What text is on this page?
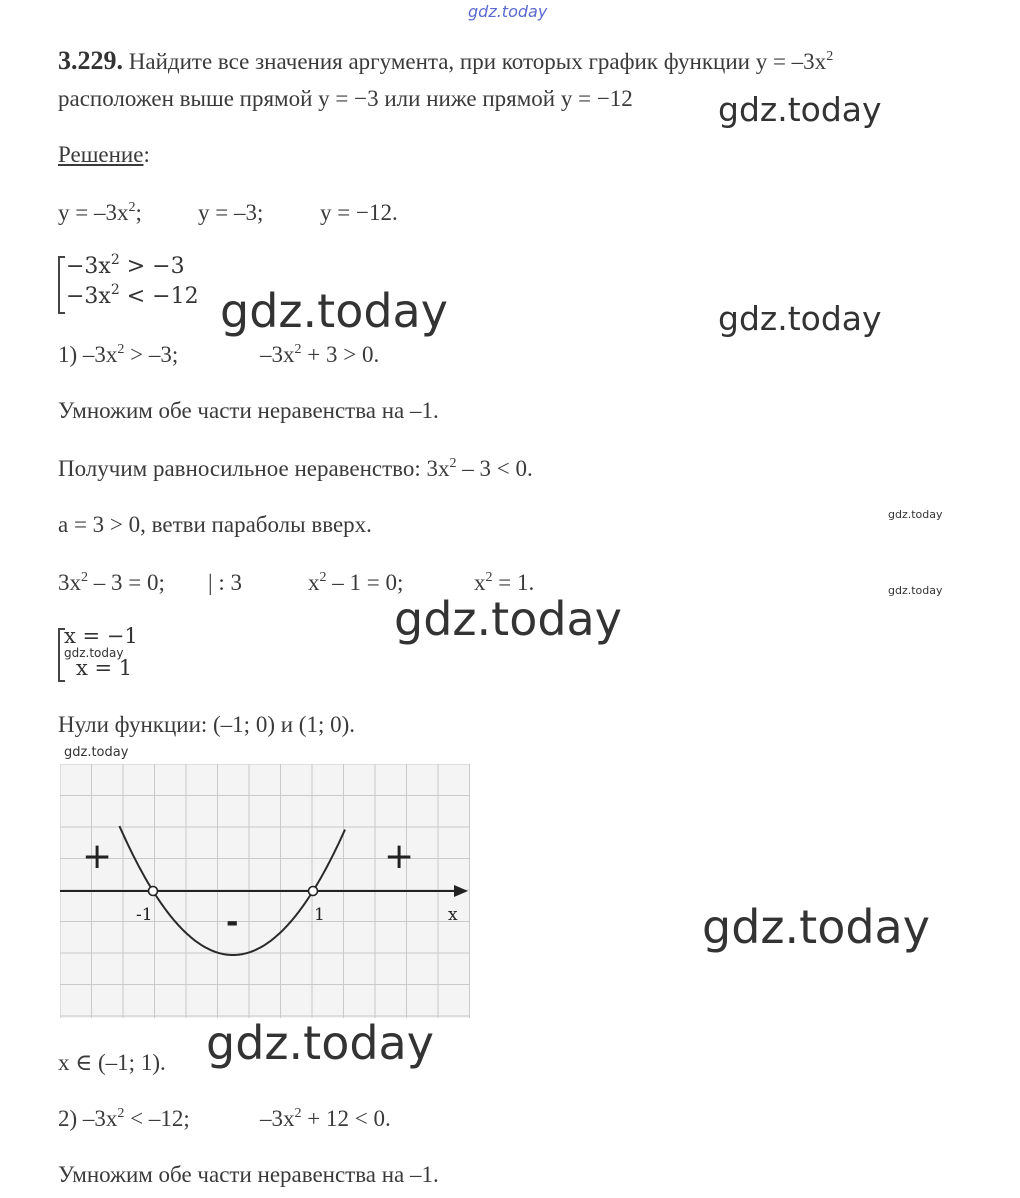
gdz.today
3.229. Найдите все значения аргумента, при которых график функции $y = -3x^2$
расположен выше прямой y = −3 или ниже прямой y = −12	gdz.today
Решение:
$y = -3x^2$; y = –3; y = −12.
$-3x^2 > -3$
$-3x^2 < -12$ gdz.today	gdz.today
1) $-3x^2 > -3$;	$-3x^2 + 3 > 0$.
Умножим обе части неравенства на –1.
Получим равносильное неравенство: $3x^2 - 3 < 0$.
a = 3 > 0, ветви параболы вверх.	gdz.today
$3x^2 - 3 = 0$; | : 3	$x^2 - 1 = 0$;	$x^2 = 1$.	gdz.today
gdz.today
x = −1
x = 1
gdz.today
Нули функции: (–1; 0) и (1; 0).
gdz.today
+	+
-
-1	1	x	gdz.today
x ∈ (–1; 1). gdz.today
2) $-3x^2 < -12$;	$-3x^2 + 12 < 0$.
Умножим обе части неравенства на –1.
